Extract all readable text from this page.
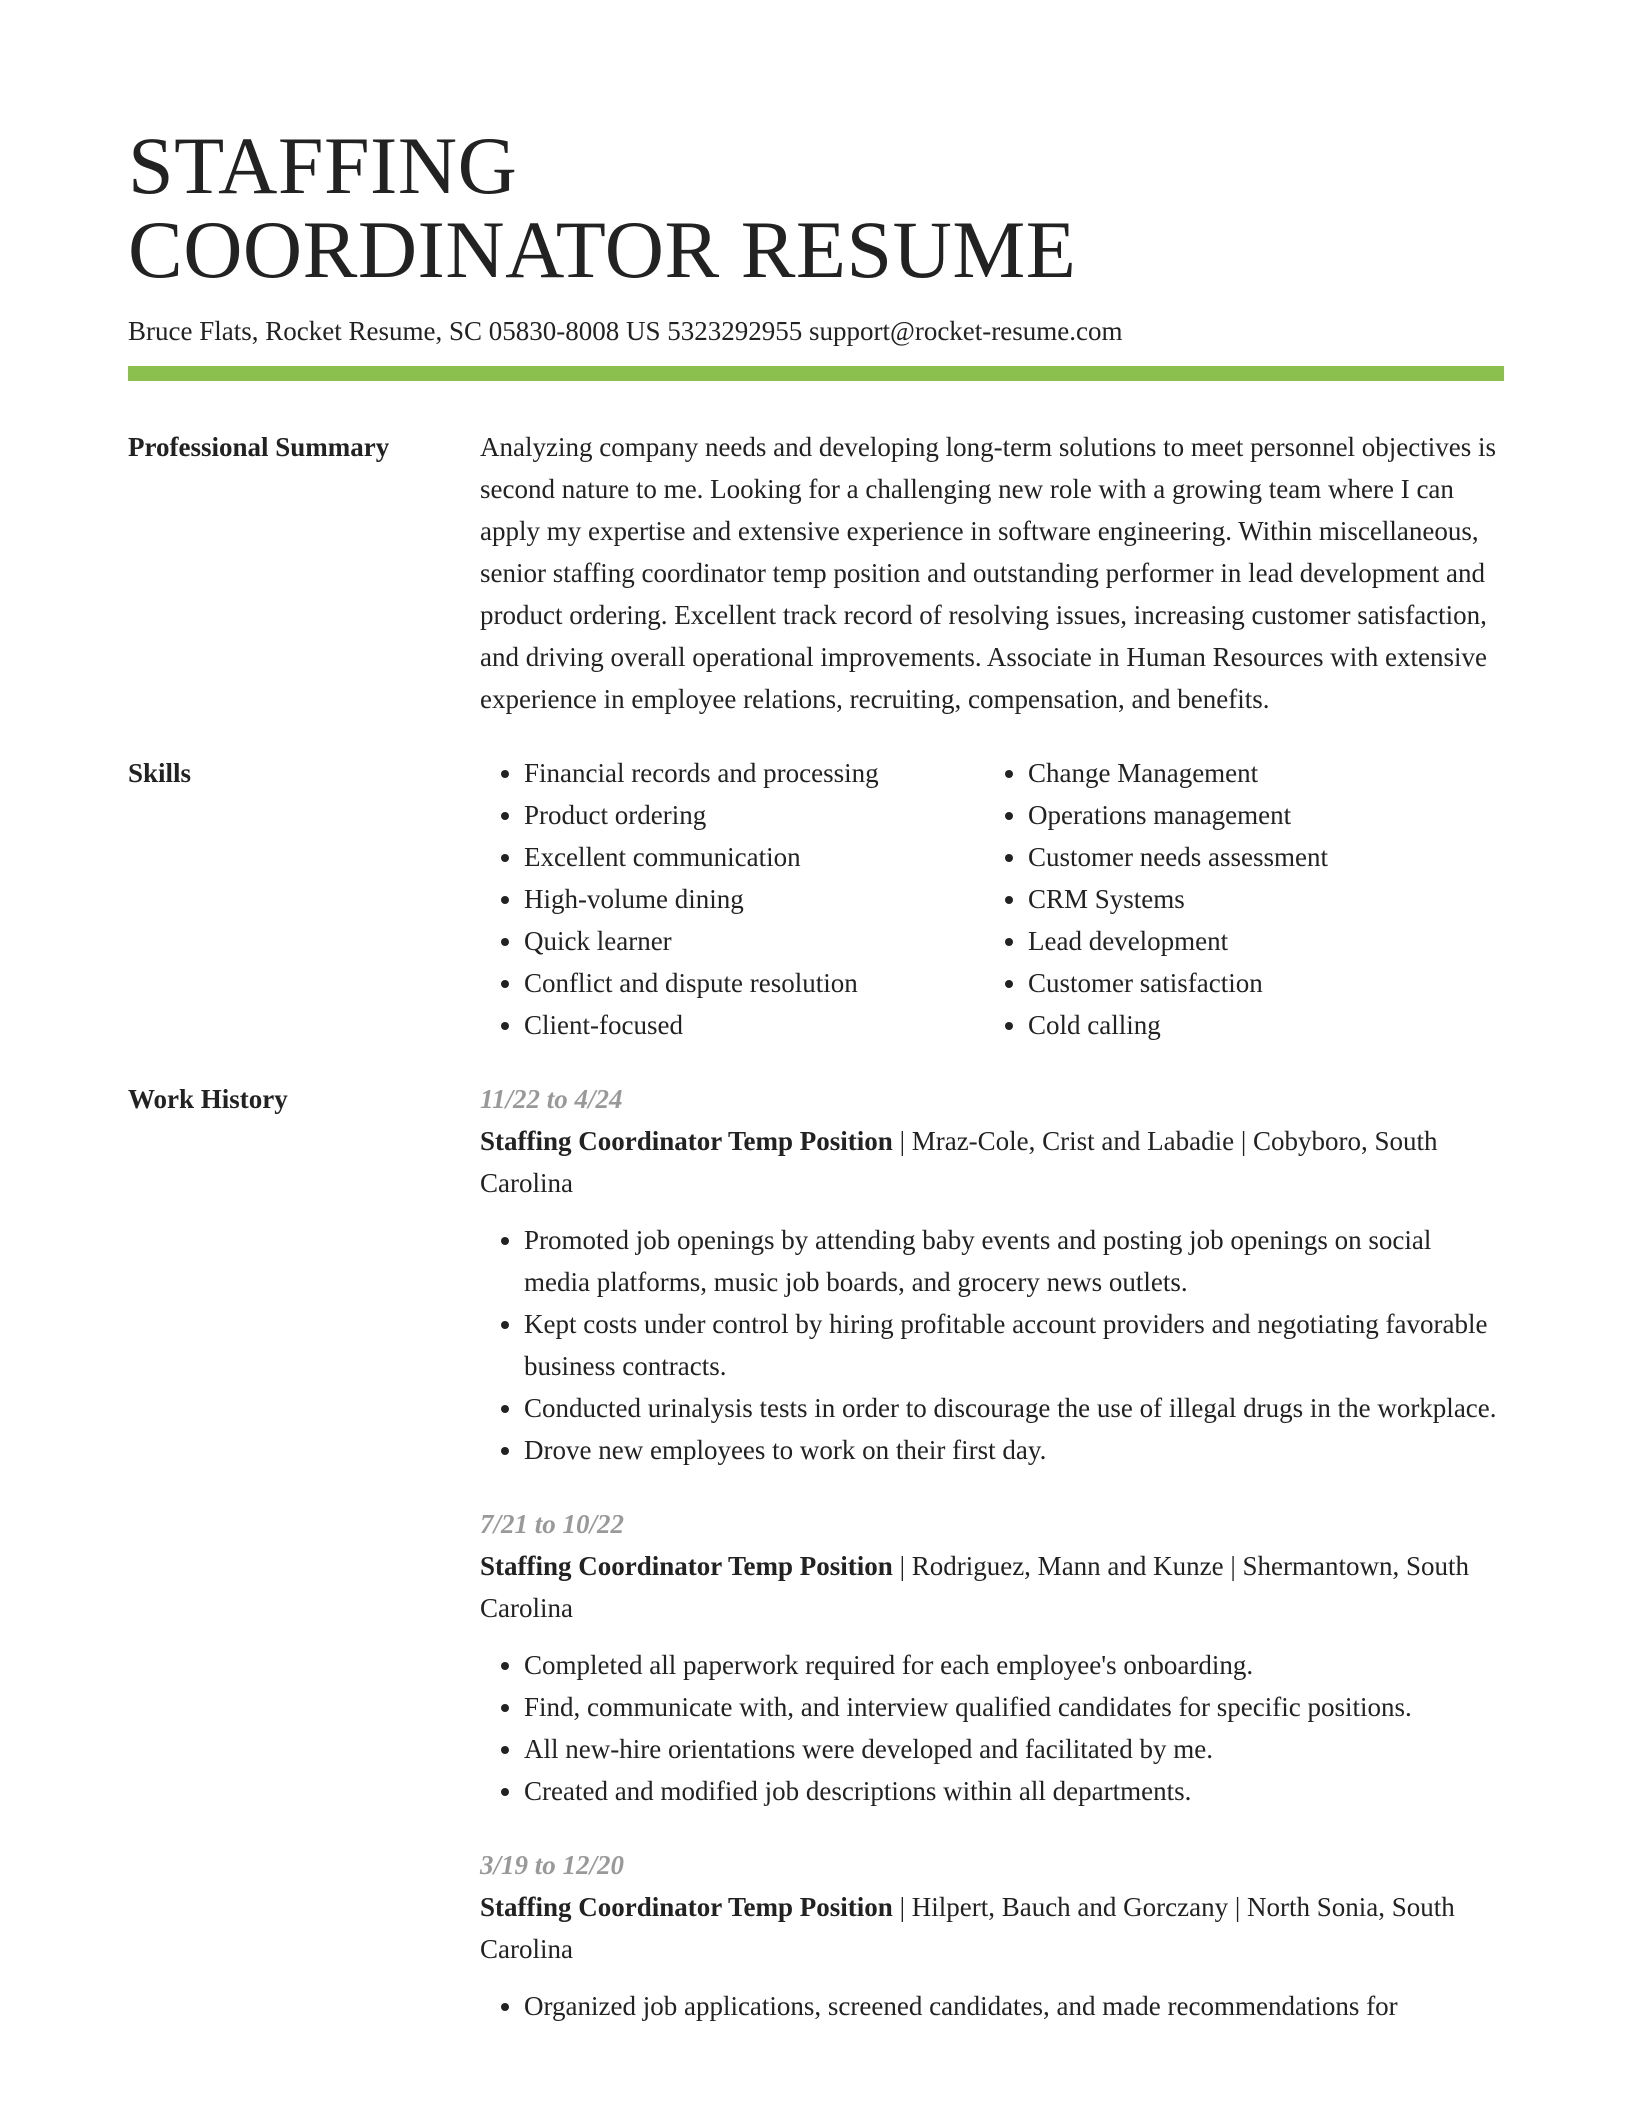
STAFFING
COORDINATOR RESUME
Bruce Flats, Rocket Resume, SC 05830-8008 US 5323292955 support@rocket-resume.com
Professional Summary	Analyzing company needs and developing long-term solutions to meet personnel objectives is second nature to me. Looking for a challenging new role with a growing team where I can apply my expertise and extensive experience in software engineering. Within miscellaneous, senior staffing coordinator temp position and outstanding performer in lead development and product ordering. Excellent track record of resolving issues, increasing customer satisfaction, and driving overall operational improvements. Associate in Human Resources with extensive experience in employee relations, recruiting, compensation, and benefits.

Skills
•	Financial records and processing
• Product ordering
• Excellent communication
• High-volume dining
• Quick learner
• Conflict and dispute resolution
• Client-focused
• Change Management
• Operations management
• Customer needs assessment
• CRM Systems
• Lead development
• Customer satisfaction
• Cold calling
Work History	11/22 to 4/24
Staffing Coordinator Temp Position | Mraz-Cole, Crist and Labadie | Cobyboro, South Carolina
• Promoted job openings by attending baby events and posting job openings on social media platforms, music job boards, and grocery news outlets.
• Kept costs under control by hiring profitable account providers and negotiating favorable business contracts.
• Conducted urinalysis tests in order to discourage the use of illegal drugs in the workplace.
• Drove new employees to work on their first day.
7/21 to 10/22
Staffing Coordinator Temp Position | Rodriguez, Mann and Kunze | Shermantown, South Carolina
• Completed all paperwork required for each employee's onboarding.
• Find, communicate with, and interview qualified candidates for specific positions.
• All new-hire orientations were developed and facilitated by me.
• Created and modified job descriptions within all departments.
3/19 to 12/20
Staffing Coordinator Temp Position | Hilpert, Bauch and Gorczany | North Sonia, South Carolina
• Organized job applications, screened candidates, and made recommendations for
